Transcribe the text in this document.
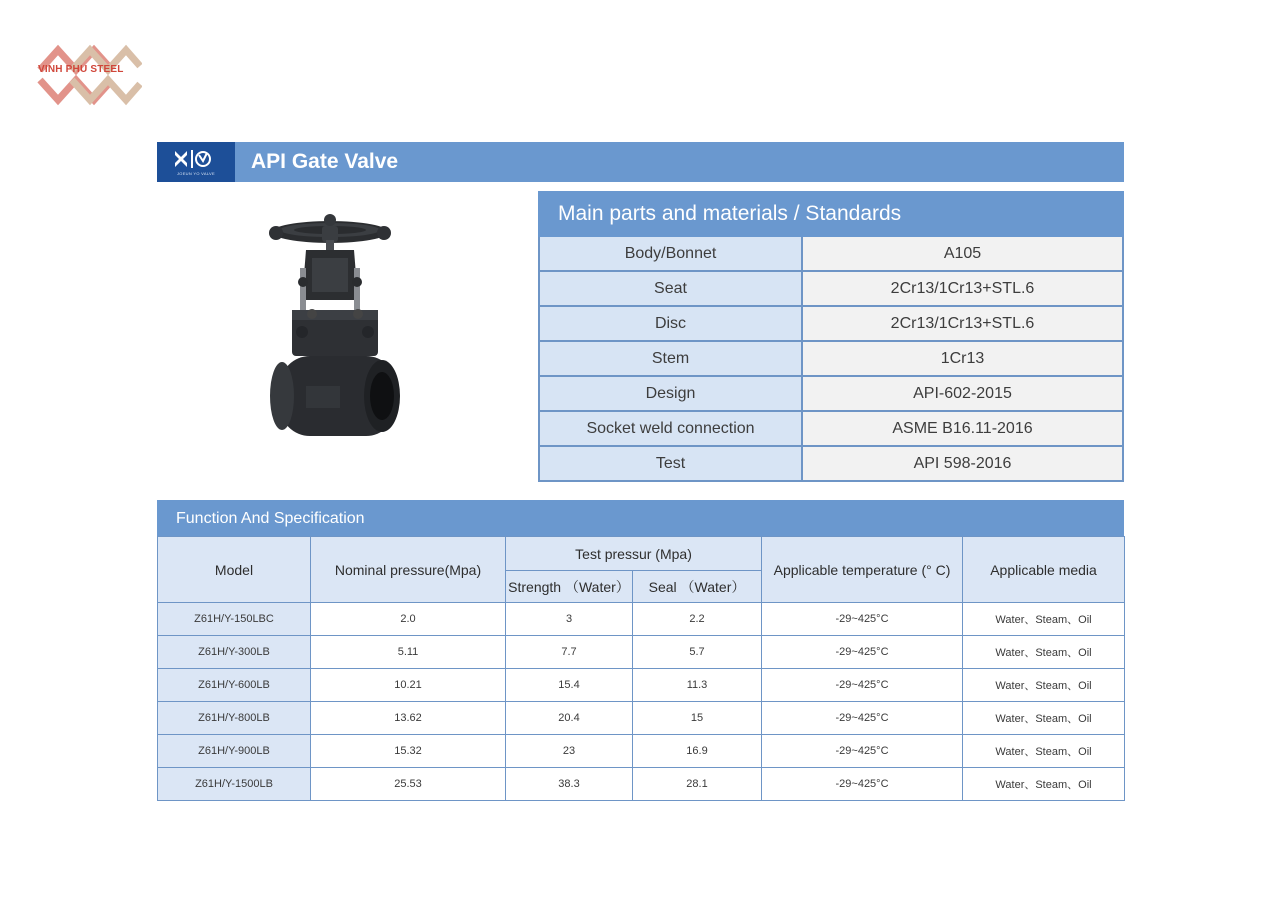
VINH PHU STEEL
JOEUN YO VALVE
API Gate Valve
Main parts and materials / Standards	
Body/Bonnet	A105
Seat	2Cr13/1Cr13+STL.6
Disc	2Cr13/1Cr13+STL.6
Stem	1Cr13
Design	API-602-2015
Socket weld connection	ASME B16.11-2016
Test	API 598-2016
Function And Specification
Model	Nominal pressure(Mpa)	Test pressur (Mpa)		Applicable temperature (° C)	Applicable media
		Strength （Water）	Seal （Water）		
Z61H/Y-150LBC	2.0	3	2.2	-29~425°C	Water、Steam、Oil
Z61H/Y-300LB	5.11	7.7	5.7	-29~425°C	Water、Steam、Oil
Z61H/Y-600LB	10.21	15.4	11.3	-29~425°C	Water、Steam、Oil
Z61H/Y-800LB	13.62	20.4	15	-29~425°C	Water、Steam、Oil
Z61H/Y-900LB	15.32	23	16.9	-29~425°C	Water、Steam、Oil
Z61H/Y-1500LB	25.53	38.3	28.1	-29~425°C	Water、Steam、Oil
